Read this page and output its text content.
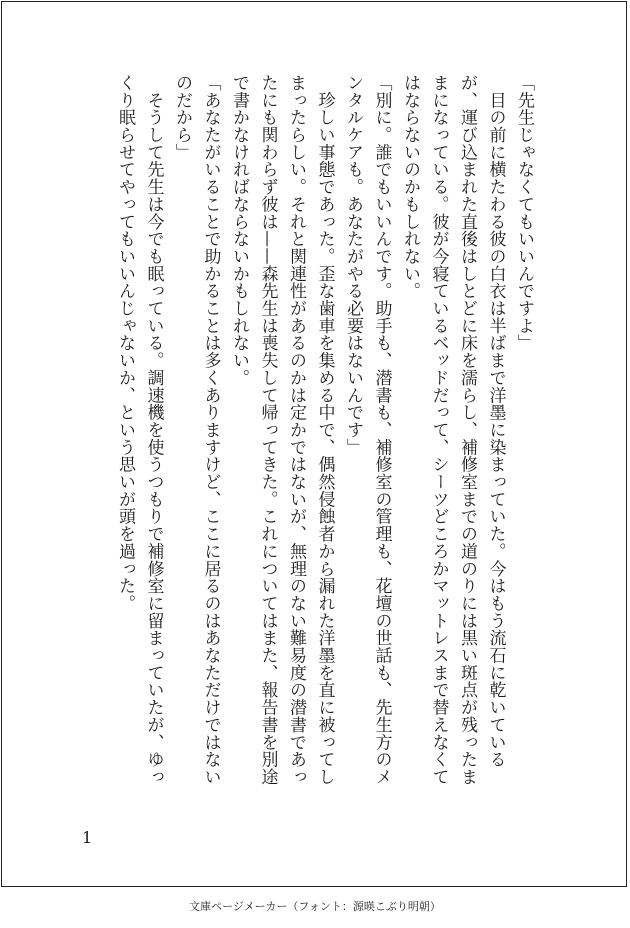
「先生じゃなくてもいいんですよ」

　目の前に横たわる彼の白衣は半ばまで洋墨に染まっていた。今はもう流石に乾いているが、運び込まれた直後はしとどに床を濡らし、補修室までの道のりには黒い斑点が残ったままになっている。彼が今寝ているベッドだって、シーツどころかマットレスまで替えなくてはならないのかもしれない。

「別に。誰でもいいんです。助手も、潜書も、補修室の管理も、花壇の世話も、先生方のメンタルケアも。あなたがやる必要はないんです」

　珍しい事態であった。歪な歯車を集める中で、偶然侵蝕者から漏れた洋墨を直に被ってしまったらしい。それと関連性があるのかは定かではないが、無理のない難易度の潜書であったにも関わらず彼は——森先生は喪失して帰ってきた。これについてはまた、報告書を別途で書かなければならないかもしれない。

「あなたがいることで助かることは多くありますけど、ここに居るのはあなただけではないのだから」

　そうして先生は今でも眠っている。調速機を使うつもりで補修室に留まっていたが、ゆっくり眠らせてやってもいいんじゃないか、という思いが頭を過った。

1
文庫ページメーカー（フォント：源暎こぶり明朝）
